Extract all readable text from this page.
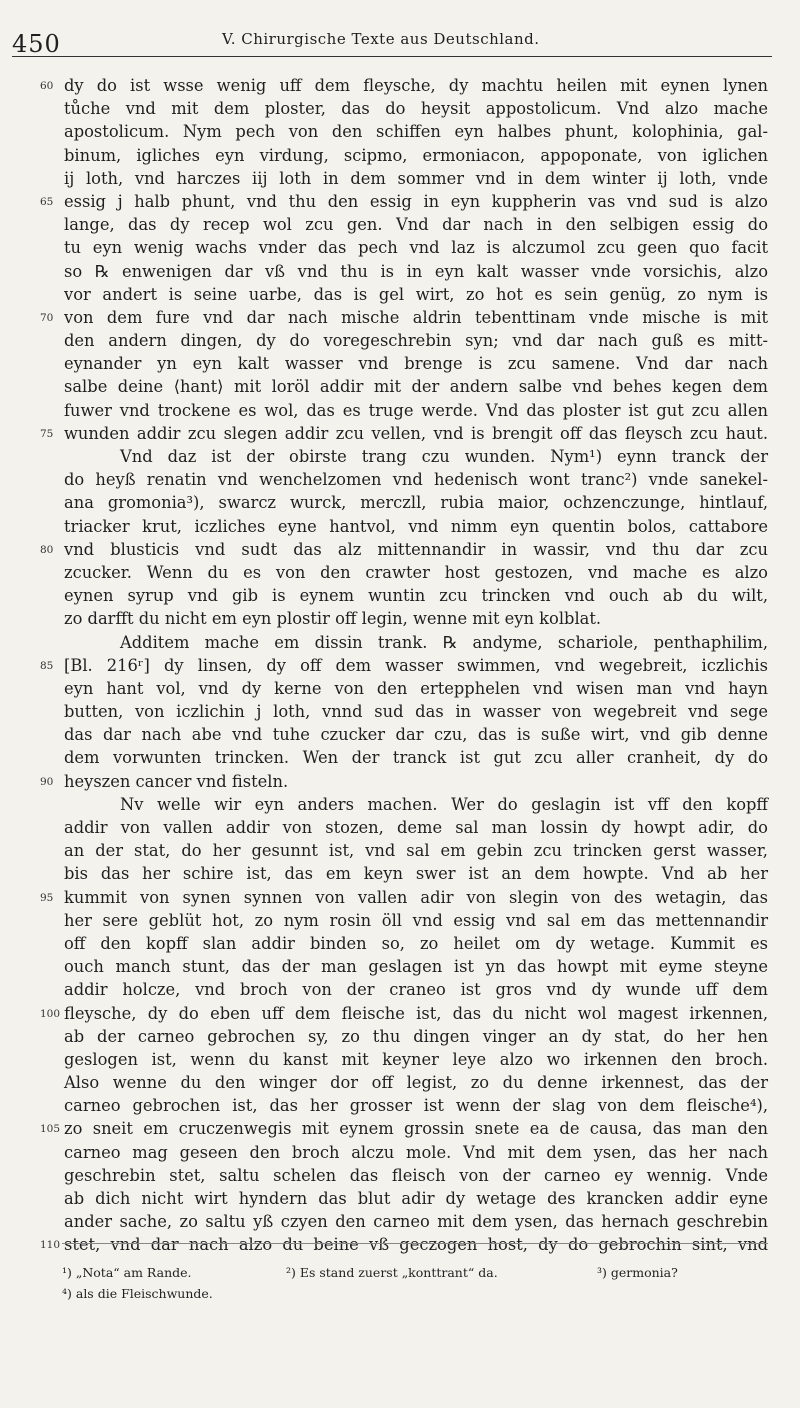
450	V. Chirurgische Texte aus Deutschland.
60 dy do ist wsse wenig uff dem fleysche, dy machtu heilen mit eynen lynen
tůche vnd mit dem ploster, das do heysit appostolicum. Vnd alzo mache
apostolicum. Nym pech von den schiffen eyn halbes phunt, kolophinia, gal-
binum, igliches eyn virdung, scipmo, ermoniacon, appoponate, von iglichen
ij loth, vnd harczes iij loth in dem sommer vnd in dem winter ij loth, vnde
65 essig j halb phunt, vnd thu den essig in eyn kuppherin vas vnd sud is alzo
lange, das dy recep wol zcu gen. Vnd dar nach in den selbigen essig do
tu eyn wenig wachs vnder das pech vnd laz is alczumol zcu geen quo facit
so ℞ enwenigen dar vß vnd thu is in eyn kalt wasser vnde vorsichis, alzo
vor andert is seine uarbe, das is gel wirt, zo hot es sein genüg, zo nym is
70 von dem fure vnd dar nach mische aldrin tebenttinam vnde mische is mit
den andern dingen, dy do voregeschrebin syn; vnd dar nach guß es mitt-
eynander yn eyn kalt wasser vnd brenge is zcu samene. Vnd dar nach
salbe deine ⟨hant⟩ mit loröl addir mit der andern salbe vnd behes kegen dem
fuwer vnd trockene es wol, das es truge werde. Vnd das ploster ist gut zcu allen
75 wunden addir zcu slegen addir zcu vellen, vnd is brengit off das fleysch zcu haut.
Vnd daz ist der obirste trang czu wunden. Nym¹) eynn tranck der
do heyß renatin vnd wenchelzomen vnd hedenisch wont tranc²) vnde sanekel-
ana gromonia³), swarcz wurck, merczll, rubia maior, ochzenczunge, hintlauf,
triacker krut, iczliches eyne hantvol, vnd nimm eyn quentin bolos, cattabore
80 vnd blusticis vnd sudt das alz mittennandir in wassir, vnd thu dar zcu
zcucker. Wenn du es von den crawter host gestozen, vnd mache es alzo
eynen syrup vnd gib is eynem wuntin zcu trincken vnd ouch ab du wilt,
zo darfft du nicht em eyn plostir off legin, wenne mit eyn kolblat.
Additem mache em dissin trank. ℞ andyme, schariole, penthaphilim,
85 [Bl. 216ʳ] dy linsen, dy off dem wasser swimmen, vnd wegebreit, iczlichis
eyn hant vol, vnd dy kerne von den ertepphelen vnd wisen man vnd hayn
butten, von iczlichin j loth, vnnd sud das in wasser von wegebreit vnd sege
das dar nach abe vnd tuhe czucker dar czu, das is suße wirt, vnd gib denne
dem vorwunten trincken. Wen der tranck ist gut zcu aller cranheit, dy do
90 heyszen cancer vnd fisteln.
Nv welle wir eyn anders machen. Wer do geslagin ist vff den kopff
addir von vallen addir von stozen, deme sal man lossin dy howpt adir, do
an der stat, do her gesunnt ist, vnd sal em gebin zcu trincken gerst wasser,
bis das her schire ist, das em keyn swer ist an dem howpte. Vnd ab her
95 kummit von synen synnen von vallen adir von slegin von des wetagin, das
her sere geblüt hot, zo nym rosin öll vnd essig vnd sal em das mettennandir
off den kopff slan addir binden so, zo heilet om dy wetage. Kummit es
ouch manch stunt, das der man geslagen ist yn das howpt mit eyme steyne
addir holcze, vnd broch von der craneo ist gros vnd dy wunde uff dem
100 fleysche, dy do eben uff dem fleische ist, das du nicht wol magest irkennen,
ab der carneo gebrochen sy, zo thu dingen vinger an dy stat, do her hen
geslogen ist, wenn du kanst mit keyner leye alzo wo irkennen den broch.
Also wenne du den winger dor off legist, zo du denne irkennest, das der
carneo gebrochen ist, das her grosser ist wenn der slag von dem fleische⁴),
105 zo sneit em cruczenwegis mit eynem grossin snete ea de causa, das man den
carneo mag geseen den broch alczu mole. Vnd mit dem ysen, das her nach
geschrebin stet, saltu schelen das fleisch von der carneo ey wennig. Vnde
ab dich nicht wirt hyndern das blut adir dy wetage des krancken addir eyne
ander sache, zo saltu yß czyen den carneo mit dem ysen, das hernach geschrebin
110 stet, vnd dar nach alzo du beine vß geczogen host, dy do gebrochin sint, vnd
¹) „Nota“ am Rande.	²) Es stand zuerst „konttrant“ da.	³) germonia?
⁴) als die Fleischwunde.
